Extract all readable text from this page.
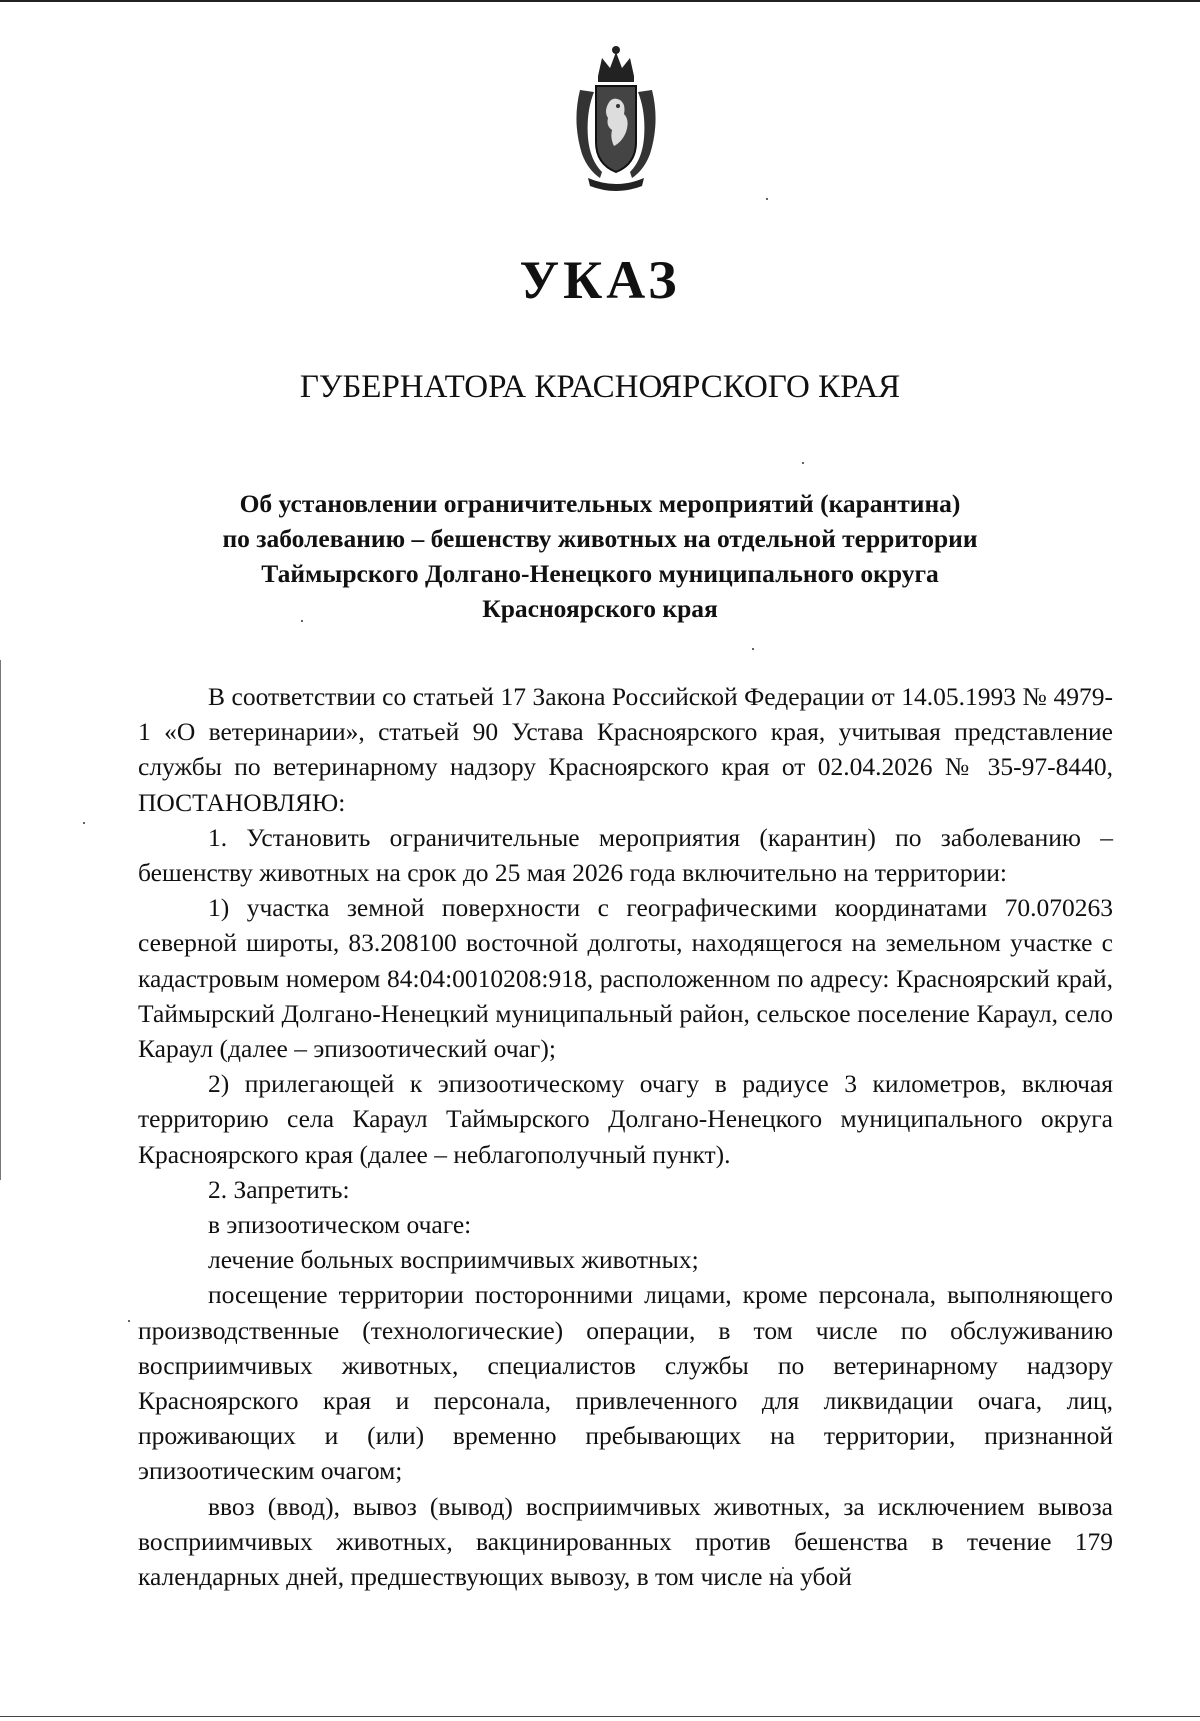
УКАЗ
ГУБЕРНАТОРА КРАСНОЯРСКОГО КРАЯ
Об установлении ограничительных мероприятий (карантина)
по заболеванию – бешенству животных на отдельной территории
Таймырского Долгано-Ненецкого муниципального округа
Красноярского края

В соответствии со статьей 17 Закона Российской Федерации от 14.05.1993 № 4979-1 «О ветеринарии», статьей 90 Устава Красноярского края, учитывая представление службы по ветеринарному надзору Красноярского края от 02.04.2026 № 35-97-8440, ПОСТАНОВЛЯЮ:

1. Установить ограничительные мероприятия (карантин) по заболеванию – бешенству животных на срок до 25 мая 2026 года включительно на территории:

1) участка земной поверхности с географическими координатами 70.070263 северной широты, 83.208100 восточной долготы, находящегося на земельном участке с кадастровым номером 84:04:0010208:918, расположенном по адресу: Красноярский край, Таймырский Долгано-Ненецкий муниципальный район, сельское поселение Караул, село Караул (далее – эпизоотический очаг);

2) прилегающей к эпизоотическому очагу в радиусе 3 километров, включая территорию села Караул Таймырского Долгано-Ненецкого муниципального округа Красноярского края (далее – неблагополучный пункт).

2. Запретить:

в эпизоотическом очаге:

лечение больных восприимчивых животных;

посещение территории посторонними лицами, кроме персонала, выполняющего производственные (технологические) операции, в том числе по обслуживанию восприимчивых животных, специалистов службы по ветеринарному надзору Красноярского края и персонала, привлеченного для ликвидации очага, лиц, проживающих и (или) временно пребывающих на территории, признанной эпизоотическим очагом;

ввоз (ввод), вывоз (вывод) восприимчивых животных, за исключением вывоза восприимчивых животных, вакцинированных против бешенства в течение 179 календарных дней, предшествующих вывозу, в том числе на убой
